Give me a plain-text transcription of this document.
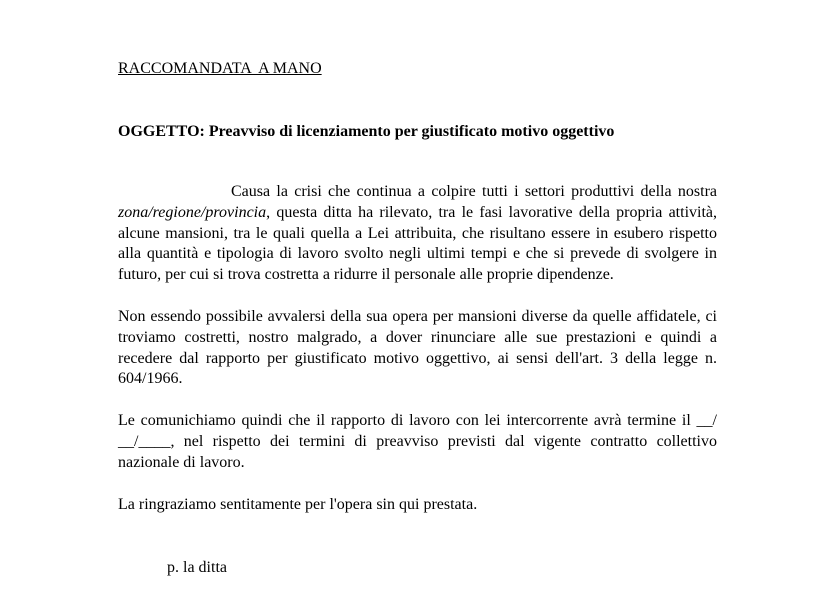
RACCOMANDATA  A MANO
OGGETTO: Preavviso di licenziamento per giustificato motivo oggettivo

Causa la crisi che continua a colpire tutti i settori produttivi della nostra zona/regione/provincia, questa ditta ha rilevato, tra le fasi lavorative della propria attività, alcune mansioni, tra le quali quella a Lei attribuita, che risultano essere in esubero rispetto alla quantità e tipologia di lavoro svolto negli ultimi tempi e che si prevede di svolgere in futuro, per cui si trova costretta a ridurre il personale alle proprie dipendenze.

Non essendo possibile avvalersi della sua opera per mansioni diverse da quelle affidatele, ci troviamo costretti, nostro malgrado, a dover rinunciare alle sue prestazioni e quindi a recedere dal rapporto per giustificato motivo oggettivo, ai sensi dell'art. 3 della legge n. 604/1966.

Le comunichiamo quindi che il rapporto di lavoro con lei intercorrente avrà termine il __/ __/____, nel rispetto dei termini di preavviso previsti dal vigente contratto collettivo nazionale di lavoro.

La ringraziamo sentitamente per l'opera sin qui prestata.

p. la ditta
